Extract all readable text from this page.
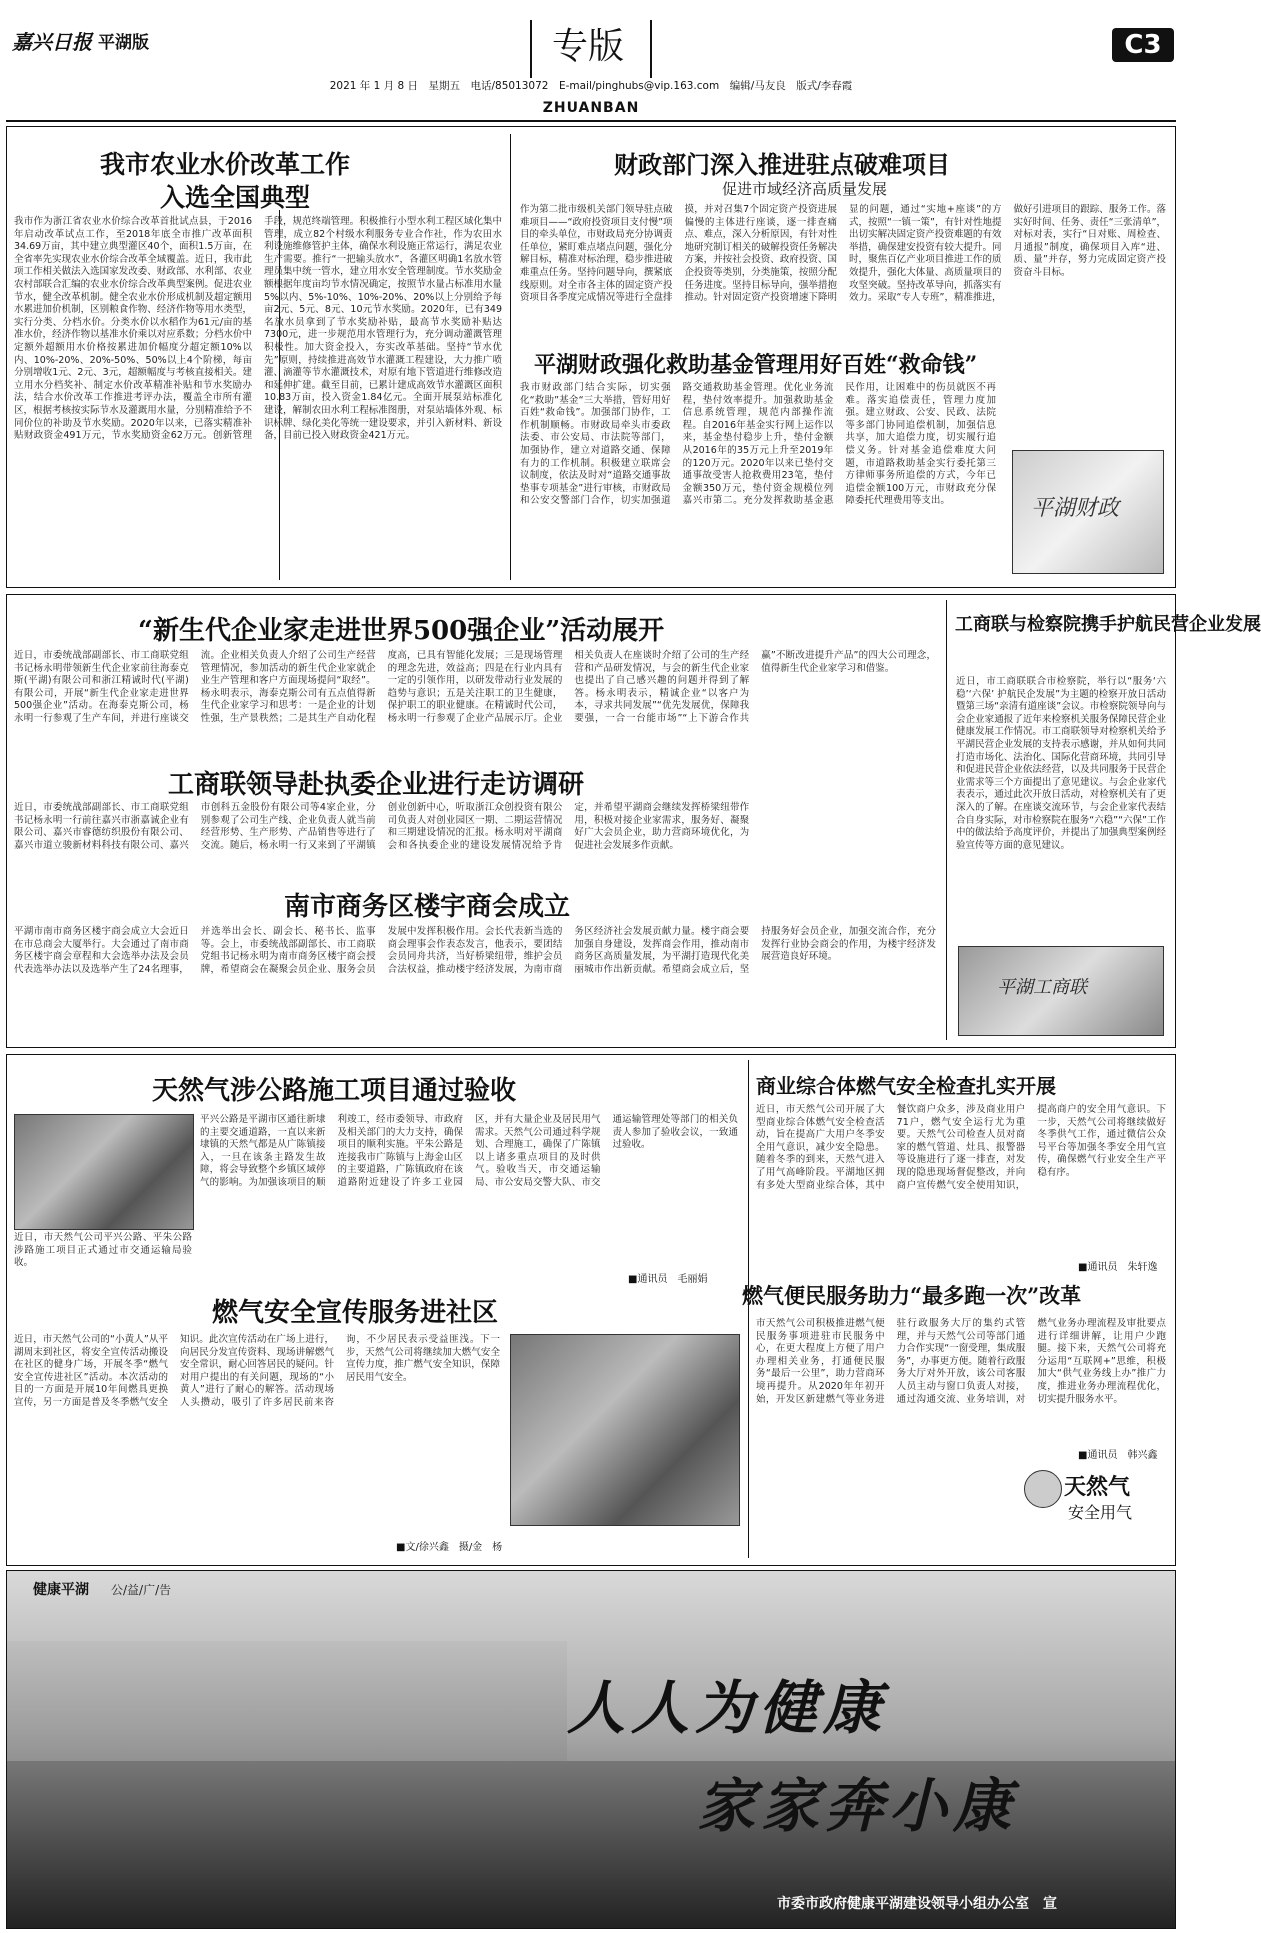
嘉兴日报 平湖版	专版	C3
2021 年 1 月 8 日　星期五　电话/85013072　E-mail/pinghubs@vip.163.com　编辑/马友良　版式/李春霞
ZHUANBAN
我市农业水价改革工作
入选全国典型
我市作为浙江省农业水价综合改革首批试点县，于2016年启动改革试点工作，至2018年底全市推广改革面积34.69万亩，其中建立典型灌区40个，面积1.5万亩，在全省率先实现农业水价综合改革全域覆盖。近日，我市此项工作相关做法入选国家发改委、财政部、水利部、农业农村部联合汇编的农业水价综合改革典型案例。促进农业节水，健全改革机制。健全农业水价形成机制及超定额用水累进加价机制，区别粮食作物、经济作物等用水类型，实行分类、分档水价。分类水价以水稻作为61元/亩的基准水价，经济作物以基准水价乘以对应系数；分档水价中定额外超额用水价格按累进加价幅度分超定额10%以内、10%-20%、20%-50%、50%以上4个阶梯，每亩分别增收1元、2元、3元，超额幅度与考核直接相关。建立用水分档奖补、制定水价改革精准补贴和节水奖励办法，结合水价改革工作推进考评办法，覆盖全市所有灌区，根据考核按实际节水及灌溉用水量，分别精准给予不同价位的补助及节水奖励。2020年以来，已落实精准补贴财政资金491万元，节水奖励资金62万元。创新管理手段，规范终端管理。积极推行小型水利工程区域化集中管理，成立82个村级水利服务专业合作社，作为农田水利设施维修管护主体，确保水利设施正常运行，满足农业生产需要。推行“一把输头放水”，各灌区明确1名放水管理员集中统一管水，建立用水安全管理制度。节水奖励金额根据年度亩均节水情况确定，按照节水量占标准用水量5%以内、5%-10%、10%-20%、20%以上分别给予每亩2元、5元、8元、10元节水奖励。2020年，已有349名放水员拿到了节水奖励补贴，最高节水奖励补贴达7300元，进一步规范用水管理行为，充分调动灌溉管理积极性。加大资金投入，夯实改革基础。坚持“节水优先”原则，持续推进高效节水灌溉工程建设，大力推广喷灌、滴灌等节水灌溉技术，对原有地下管道进行维修改造和延伸扩建。截至目前，已累计建成高效节水灌溉区面积10.83万亩，投入资金1.84亿元。全面开展泵站标准化建设，解制农田水利工程标准图册，对泵站墙体外观、标识标牌、绿化美化等统一建设要求，并引入新材料、新设备，目前已投入财政资金421万元。
财政部门深入推进驻点破难项目
促进市域经济高质量发展
作为第二批市级机关部门领导驻点破难项目——“政府投资项目支付慢”项目的牵头单位，市财政局充分协调责任单位，紧盯难点堵点问题，强化分解目标，精准对标治理，稳步推进破难重点任务。坚持问题导向，撰紧底线原则。对全市各主体的固定资产投资项目各季度完成情况等进行全盘排摸，并对召集7个固定资产投资进展偏慢的主体进行座谈，逐一排查痛点、难点，深入分析原因，有针对性地研究制订相关的破解投资任务解决方案，并按社会投资、政府投资、国企投资等类别，分类施策，按照分配任务进度。坚持目标导向，强举措抱推动。针对固定资产投资增速下降明显的问题，通过“实地+座谈”的方式，按照“一镇一策”，有针对性地提出切实解决固定资产投资难题的有效举措，确保建安投资有较大提升。同时，聚焦百亿产业项目推进工作的质效提升，强化大体量、高质量项目的攻坚突破。坚持改革导向，抓落实有效力。采取“专人专班”，精准推进，做好引进项目的跟踪、服务工作。落实好时间、任务、责任“三张清单”，对标对表，实行“日对账、周检查、月通报”制度，确保项目入库“进、质、量”并存，努力完成固定资产投资奋斗目标。
平湖财政强化救助基金管理用好百姓“救命钱”
我市财政部门结合实际，切实强化“救助”基金“三大举措，管好用好百姓“救命钱”。加强部门协作，工作机制顺畅。市财政局牵头市委政法委、市公安局、市法院等部门，加强协作，建立对道路交通、保障有力的工作机制。积极建立联席会议制度，依法及时对“道路交通事故垫事专项基金”进行审核，市财政局和公安交警部门合作，切实加强道路交通救助基金管理。优化业务流程，垫付效率提升。加强救助基金信息系统管理，规范内部操作流程。自2016年基金实行网上运作以来，基金垫付稳步上升，垫付金额从2016年的35万元上升至2019年的120万元。2020年以来已垫付交通事故受害人抢救费用23笔，垫付金额350万元，垫付资金规模位列嘉兴市第二。充分发挥救助基金惠民作用，让困难中的伤员就医不再难。落实追偿责任，管理力度加强。建立财政、公安、民政、法院等多部门协同追偿机制，加强信息共享，加大追偿力度，切实履行追偿义务。针对基金追偿难度大问题，市道路救助基金实行委托第三方律师事务所追偿的方式，今年已追偿金额100万元，市财政充分保障委托代理费用等支出。	平湖财政
“新生代企业家走进世界500强企业”活动展开
近日，市委统战部副部长、市工商联党组书记杨永明带领新生代企业家前往海泰克斯(平湖)有限公司和浙江精诚时代(平湖)有限公司，开展“新生代企业家走进世界500强企业”活动。在海泰克斯公司，杨永明一行参观了生产车间，并进行座谈交流。企业相关负责人介绍了公司生产经营管理情况，参加活动的新生代企业家就企业生产管理和客户方面现场提问“取经”。杨永明表示，海泰克斯公司有五点值得新生代企业家学习和思考：一是企业的计划性强，生产景秩然；二是其生产自动化程度高，已具有智能化发展；三是现场管理的理念先进，效益高；四是在行业内具有一定的引领作用，以研发带动行业发展的趋势与意识；五是关注职工的卫生健康，保护职工的职业健康。在精诚时代公司，杨永明一行参观了企业产品展示厅。企业相关负责人在座谈时介绍了公司的生产经营和产品研发情况，与会的新生代企业家也提出了自己感兴趣的问题并得到了解答。杨永明表示，精诚企业“以客户为本，寻求共同发展”“优先发展优，保障我要强，一合一台能市场”“上下游合作共赢”不断改进提升产品”的四大公司理念，值得新生代企业家学习和借鉴。
工商联领导赴执委企业进行走访调研
近日，市委统战部副部长、市工商联党组书记杨永明一行前往嘉兴市浙嘉诚企业有限公司、嘉兴市睿德纺织股份有限公司、嘉兴市道立骏新材料科技有限公司、嘉兴市创科五金股份有限公司等4家企业，分别参观了公司生产线、企业负责人就当前经营形势、生产形势、产品销售等进行了交流。随后，杨永明一行又来到了平湖镇创业创新中心，听取浙江众创投资有限公司负责人对创业园区一期、二期运营情况和三期建设情况的汇报。杨永明对平湖商会和各执委企业的建设发展情况给予肯定，并希望平湖商会继续发挥桥梁纽带作用，积极对接企业家需求，服务好、凝聚好广大会员企业，助力营商环境优化，为促进社会发展多作贡献。
南市商务区楼宇商会成立
平湖市南市商务区楼宇商会成立大会近日在市总商会大厦举行。大会通过了南市商务区楼宇商会章程和大会选举办法及会员代表选举办法以及选举产生了24名理事，并选举出会长、副会长、秘书长、监事等。会上，市委统战部副部长、市工商联党组书记杨永明为南市商务区楼宇商会授牌，希望商会在凝聚会员企业、服务会员发展中发挥积极作用。会长代表新当选的商会理事会作表态发言，他表示，要团结会员同舟共济，当好桥梁纽带，维护会员合法权益，推动楼宇经济发展，为南市商务区经济社会发展贡献力量。楼宇商会要加强自身建设，发挥商会作用，推动南市商务区高质量发展，为平湖打造现代化美丽城市作出新贡献。希望商会成立后，坚持服务好会员企业，加强交流合作，充分发挥行业协会商会的作用，为楼宇经济发展营造良好环境。
工商联与检察院携手护航民营企业发展
近日，市工商联联合市检察院，举行以“服务‘六稳’‘六保’ 护航民企发展”为主题的检察开放日活动暨第三场“亲清有道座谈”会议。市检察院领导向与会企业家通报了近年来检察机关服务保障民营企业健康发展工作情况。市工商联领导对检察机关给予平湖民营企业发展的支持表示感谢，并从如何共同打造市场化、法治化、国际化营商环境，共同引导和促进民营企业依法经营，以及共同服务于民营企业需求等三个方面提出了意见建议。与会企业家代表表示，通过此次开放日活动，对检察机关有了更深入的了解。在座谈交流环节，与会企业家代表结合自身实际，对市检察院在服务“六稳”“六保”工作中的做法给予高度评价，并提出了加强典型案例经验宣传等方面的意见建议。
平湖工商联
天然气涉公路施工项目通过验收
近日，市天然气公司平兴公路、平朱公路涉路施工项目正式通过市交通运输局验收。
平兴公路是平湖市区通往新埭的主要交通道路，一直以来新埭镇的天然气都是从广陈镇接入，一旦在该条主路发生故障，将会导致整个乡镇区域停气的影响。为加强该项目的顺利竣工，经市委领导、市政府及相关部门的大力支持，确保项目的顺利实施。平朱公路是连接我市广陈镇与上海金山区的主要道路，广陈镇政府在该道路附近建设了许多工业园区，并有大量企业及居民用气需求。天然气公司通过科学规划、合理施工，确保了广陈镇以上诸多重点项目的及时供气。验收当天，市交通运输局、市公安局交警大队、市交通运输管理处等部门的相关负责人参加了验收会议，一致通过验收。
■通讯员　毛丽娟
燃气安全宣传服务进社区
近日，市天然气公司的“小黄人”从平湖周末到社区，将安全宣传活动搬设在社区的健身广场，开展冬季“燃气安全宣传进社区”活动。本次活动的目的一方面是开展10年间燃具更换宣传，另一方面是普及冬季燃气安全知识。此次宣传活动在广场上进行，向居民分发宣传资料、现场讲解燃气安全常识，耐心回答居民的疑问。针对用户提出的有关问题，现场的“小黄人”进行了耐心的解答。活动现场人头攒动，吸引了许多居民前来咨询，不少居民表示受益匪浅。下一步，天然气公司将继续加大燃气安全宣传力度，推广燃气安全知识，保障居民用气安全。
■文/徐兴鑫　摄/金　杨
商业综合体燃气安全检查扎实开展
近日，市天然气公司开展了大型商业综合体燃气安全检查活动，旨在提高广大用户冬季安全用气意识，减少安全隐患。随着冬季的到来，天然气进入了用气高峰阶段。平湖地区拥有多处大型商业综合体，其中餐饮商户众多，涉及商业用户71户，燃气安全运行尤为重要。天然气公司检查人员对商家的燃气管道、灶具、报警器等设施进行了逐一排查，对发现的隐患现场督促整改，并向商户宣传燃气安全使用知识，提高商户的安全用气意识。下一步，天然气公司将继续做好冬季供气工作，通过微信公众号平台等加强冬季安全用气宣传，确保燃气行业安全生产平稳有序。
■通讯员　朱轩逸
燃气便民服务助力“最多跑一次”改革
市天然气公司积极推进燃气便民服务事项进驻市民服务中心，在更大程度上方便了用户办理相关业务，打通便民服务“最后一公里”，助力营商环境再提升。从2020年年初开始，开发区新建燃气等业务进驻行政服务大厅的集约式管理，并与天然气公司等部门通力合作实现“一窗受理，集成服务”，办事更方便。随着行政服务大厅对外开放，该公司客服人员主动与窗口负责人对接，通过沟通交流、业务培训，对燃气业务办理流程及审批要点进行详细讲解，让用户少跑腿。接下来，天然气公司将充分运用“互联网+”思维，积极加大“供气业务线上办”推广力度，推进业务办理流程优化，切实提升服务水平。
■通讯员　韩兴鑫
天然气
安全用气
健康平湖 公/益/广/告
人人为健康
家家奔小康
市委市政府健康平湖建设领导小组办公室　宣
